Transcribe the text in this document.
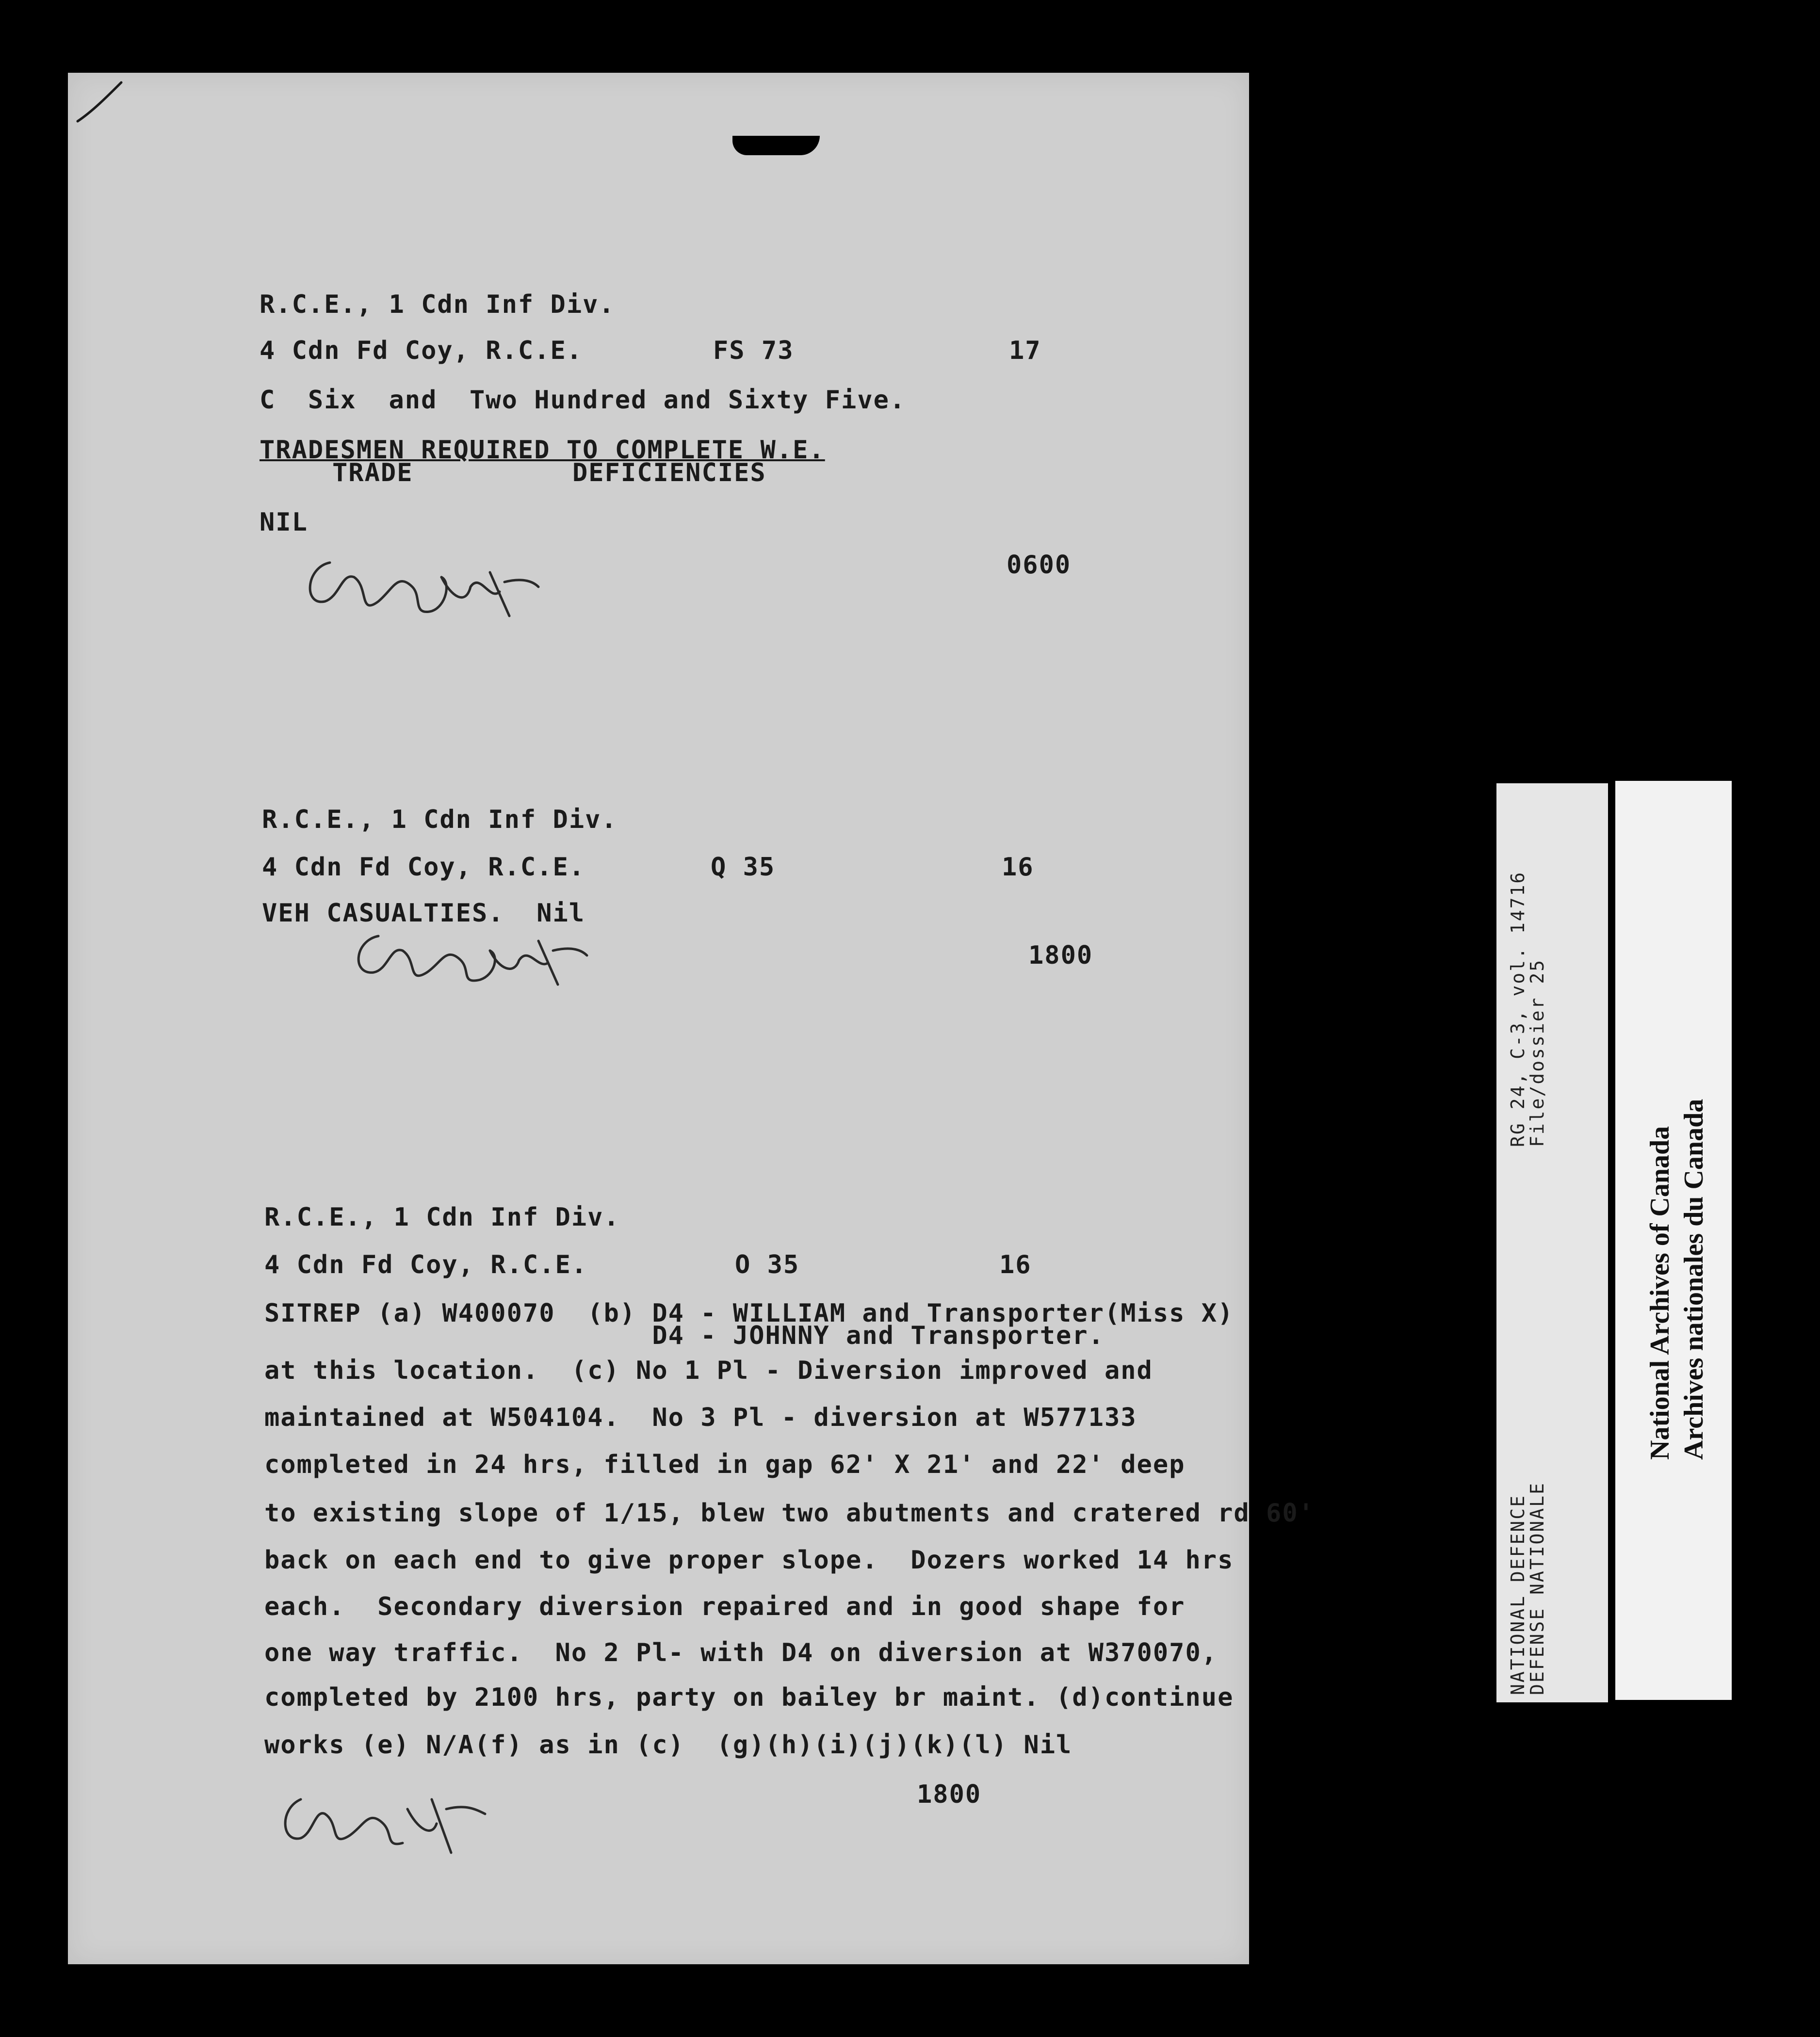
R.C.E., 1 Cdn Inf Div.
4 Cdn Fd Coy, R.C.E.	FS 73	17
C  Six  and  Two Hundred and Sixty Five.
TRADESMEN REQUIRED TO COMPLETE W.E.
TRADE	DEFICIENCIES
NIL
0600
R.C.E., 1 Cdn Inf Div.
4 Cdn Fd Coy, R.C.E.	Q 35	16
VEH CASUALTIES.  Nil
1800
R.C.E., 1 Cdn Inf Div.
4 Cdn Fd Coy, R.C.E.	O 35	16
SITREP (a) W400070  (b) D4 - WILLIAM and Transporter(Miss X)
D4 - JOHNNY and Transporter.
at this location.  (c) No 1 Pl - Diversion improved and
maintained at W504104.  No 3 Pl - diversion at W577133
completed in 24 hrs, filled in gap 62' X 21' and 22' deep
to existing slope of 1/15, blew two abutments and cratered rd 60'
back on each end to give proper slope.  Dozers worked 14 hrs
each.  Secondary diversion repaired and in good shape for
one way traffic.  No 2 Pl- with D4 on diversion at W370070,
completed by 2100 hrs, party on bailey br maint. (d)continue
works (e) N/A(f) as in (c)  (g)(h)(i)(j)(k)(l) Nil
1800
RG 24, C-3, vol. 14716
File/dossier 25
NATIONAL DEFENCE
DEFENSE NATIONALE
National Archives of Canada Archives nationales du Canada
